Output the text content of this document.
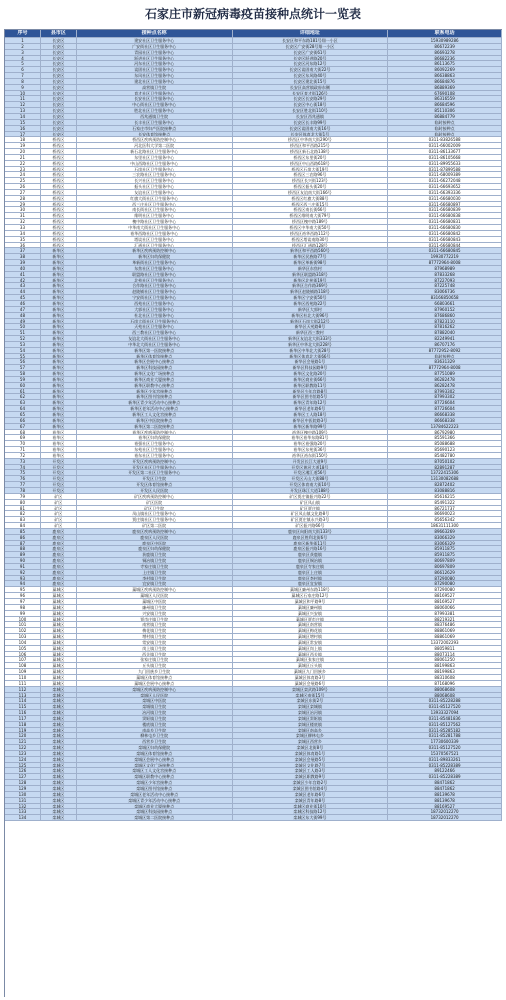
石家庄市新冠病毒疫苗接种点统计一览表
序号	县市区	接种点名称	详细地址	联系电话
1	长安区	建安社区卫生服务中心	长安区和平东路181号翔一小区	15930989286
2	长安区	广安街社区卫生服务中心	长安区广安街28号翔一小区	86672239
3	长安区	青园社区卫生服务中心	长安区广安街61号	86693278
4	长安区	跃进社区卫生服务中心	长安区跃进路20号	86682236
5	长安区	河东社区卫生服务中心	长安区河东路12号	86113675
6	长安区	谈固社区卫生服务中心	长安区谈固南大街22号	86092269
7	长安区	东风社区卫生服务中心	长安区东风路40号	86638863
8	长安区	建北社区卫生服务中心	长安区建北街15号	86684876
9	长安区	高营镇卫生院	长安区高营镇政府东侧	86889369
10	长安区	育才社区卫生服务中心	长安区育才街126号	67690108
11	长安区	长安社区卫生服务中心	长安区长安路29号	86316559
12	长安区	中心街社区卫生服务中心	长安区中心街18号	86684596
13	长安区	胜北社区卫生服务中心	长安区胜北街110号	85110306
14	长安区	西兆通镇卫生院	长安区西兆通镇	86884779
15	长安区	长丰社区卫生服务中心	长安区长丰路99号	临时接种点
16	长安区	石家庄市妇产医院接种点	长安区谈固南大街16号	临时接种点
17	长安区	长安体育馆接种点	长安区体育北大街1号	临时接种点
18	桥西区	桥西区疾病预防控制中心	桥西区中华南大街290号	0311-83826588
19	桥西区	河北医科大学第二医院	桥西区和平西路215号	0311-66002009
20	桥西区	新石北路社区卫生服务中心	桥西区新石北路138号	0311-86133677
21	桥西区	东里社区卫生服务中心	桥西区东里街20号	0311-86105668
22	桥西区	中山西路社区卫生服务中心	桥西区中山西路618号	0311-89955633
23	桥西区	石岗社区卫生服务中心	桥西区石岗大街19号	0311-87899588
24	桥西区	三农路社区卫生服务中心	桥西区三农路96号	0311-68009389
25	桥西区	长兴社区卫生服务中心	桥西区长兴街123号	0311-66272048
26	桥西区	振头社区卫生服务中心	桥西区振头街20号	0311-66693652
27	桥西区	友谊社区卫生服务中心	桥西区友谊南大街166号	0311-66393336
28	桥西区	红旗大街社区卫生服务中心	桥西区红旗大街88号	0311-66680030
29	桥西区	西三庄社区卫生服务中心	桥西区西三庄街15号	0311-66680897
30	桥西区	南长街社区卫生服务中心	桥西区南长街66号	0311-66680839
31	桥西区	维明社区卫生服务中心	桥西区维明南大街79号	0311-66680838
32	桥西区	槐中路社区卫生服务中心	桥西区槐中路189号	0311-66680831
33	桥西区	中华南大街社区卫生服务中心	桥西区中华南大街50号	0311-66680830
34	桥西区	裕华西路社区卫生服务中心	桥西区裕华西路112号	0311-66680842
35	桥西区	塔谈社区卫生服务中心	桥西区塔谈南路30号	0311-66680843
36	桥西区	汇通社区卫生服务中心	桥西区汇通路128号	0311-66680844
37	新华区	新华区疾病预防控制中心	新华区和平西路560号	0311-66680845
38	新华区	新华区妇幼保健院	新华区民族路77号	19930772219
39	新华区	革新街社区卫生服务中心	新华区革新街98号	87772964-8008
40	新华区	东焦社区卫生服务中心	新华区东焦村	87968989
41	新华区	联盟路社区卫生服务中心	新华区联盟路318号	87833268
42	新华区	北苑社区卫生服务中心	新华区北苑街19号	87227093
43	新华区	合作路社区卫生服务中心	新华区合作路369号	87225748
44	新华区	赵陵铺社区卫生服务中心	新华区赵陵铺路118号	83066736
45	新华区	宁安街社区卫生服务中心	新华区宁安街50号	83166850658
46	新华区	西苑社区卫生服务中心	新华区西苑路22号	66803661
47	新华区	大郭社区卫生服务中心	新华区大郭村	87960152
48	新华区	杜北社区卫生服务中心	新华区杜北大街96号	87686860
49	新华区	石岗大街社区卫生服务中心	新华区石岗大街212号	87823110
50	新华区	天苑社区卫生服务中心	新华区天苑路8号	87816262
51	新华区	西三教社区卫生服务中心	新华区西三教村	87882040
52	新华区	友谊北大街社区卫生服务中心	新华区友谊北大街333号	82249941
53	新华区	中华北大街社区卫生服务中心	新华区中华北大街228号	86707176
54	新华区	新华区第一医院接种点	新华区中华北大街28号	87772952-8092
55	新华区	新华区体育馆接种点	新华区体育北大街66号	临时接种点
56	新华区	新华区会展中心接种点	新华区会展路1号	83631329
57	新华区	新华区科技园接种点	新华区科技园路9号	87772964-8008
58	新华区	新华区文化广场接种点	新华区文化路20号	87751089
59	新华区	新华区商业大厦接种点	新华区商业街66号	86282478
60	新华区	新华区职教中心接种点	新华区职教路11号	86282478
61	新华区	新华区少年宫接种点	新华区少年宫路8号	87993302
62	新华区	新华区图书馆接种点	新华区图书馆路5号	87993302
63	新华区	新华区青少年活动中心接种点	新华区青年路12号	87726604
64	新华区	新华区老年活动中心接种点	新华区老年路6号	87726604
65	新华区	新华区工人文化宫接种点	新华区工人路18号	86668338
66	新华区	新华区中医院接种点	新华区中医院路3号	86668338
67	新华区	新华区第二医院接种点	新华区新华路99号	13784622223
68	裕华区	裕华区疾病预防控制中心	裕华区槐中路109号	86792980
69	裕华区	裕华区妇幼保健院	裕华区裕华东路81号	85591366
70	裕华区	裕强社区卫生服务中心	裕华区裕强路20号	85088688
71	裕华区	东苑社区卫生服务中心	裕华区东苑街36号	85690123
72	裕华区	裕东社区卫生服务中心	裕华区裕东街150号	85482780
73	开发区	开发区疾病预防控制中心	开发区长江大道9号	87050102
74	开发区	开发区社区卫生服务中心	开发区黄河大道18号	82891287
75	开发区	开发区第二社区卫生服务中心	开发区湘江道56号	13722415306
76	开发区	开发区卫生院	开发区天山大街88号	13130082688
77	开发区	开发区体育馆接种点	开发区体育南大街10号	82872402
78	开发区	开发区人民医院	开发区珠江大道188号	83088816
79	矿区	矿区疾病预防控制中心	矿区贾庄镇振兴路22号	85616215
80	矿区	矿区医院	矿区凤山镇	85491322
81	矿区	矿区卫生院	矿区贾庄镇	86721737
82	矿区	凤山镇社区卫生服务中心	矿区凤山镇文化路8号	86690023
83	矿区	贾庄镇社区卫生服务中心	矿区贾庄镇永兴路3号	85656342
84	矿区	矿区第二医院	矿区振兴路66号	18631111300
85	鹿泉区	鹿泉区疾病预防控制中心	鹿泉区向阳南大街133号	89663269
86	鹿泉区	鹿泉区人民医院	鹿泉区胜利北街6号	83066329
87	鹿泉区	鹿泉区中医院	鹿泉区新华街11号	83066329
88	鹿泉区	鹿泉区妇幼保健院	鹿泉区振兴路16号	85911875
89	鹿泉区	获鹿镇卫生院	鹿泉区获鹿镇	85911875
90	鹿泉区	铜冶镇卫生院	鹿泉区铜冶镇	80697809
91	鹿泉区	寺家庄镇卫生院	鹿泉区寺家庄镇	80697809
92	鹿泉区	上庄镇卫生院	鹿泉区上庄镇	86612629
93	鹿泉区	李村镇卫生院	鹿泉区李村镇	87290080
94	鹿泉区	宜安镇卫生院	鹿泉区宜安镇	87290080
95	藁城区	藁城区疾病预防控制中心	藁城区廉州东路118号	87290080
96	藁城区	藁城区人民医院	藁城区石家庄路12号	88169527
97	藁城区	藁城区中医院	藁城区和平路9号	88169527
98	藁城区	廉州镇卫生院	藁城区廉州镇	88060066
99	藁城区	兴安镇卫生院	藁城区兴安镇	87993381
100	藁城区	贾市庄镇卫生院	藁城区贾市庄镇	88219321
101	藁城区	南营镇卫生院	藁城区南营镇	88376486
102	藁城区	梅花镇卫生院	藁城区梅花镇	88861069
103	藁城区	增村镇卫生院	藁城区增村镇	88861069
104	藁城区	常安镇卫生院	藁城区常安镇	13372002293
105	藁城区	岗上镇卫生院	藁城区岗上镇	88059811
106	藁城区	西关镇卫生院	藁城区西关镇	88073114
107	藁城区	张家庄镇卫生院	藁城区张家庄镇	88061250
108	藁城区	丘头镇卫生院	藁城区丘头镇	88199863
109	藁城区	九门回族乡卫生院	藁城区九门回族乡	88199863
110	藁城区	藁城区体育馆接种点	藁城区体育路3号	88310608
111	藁城区	藁城区会展中心接种点	藁城区会展路6号	87168096
112	栾城区	栾城区疾病预防控制中心	栾城区栾武路109号	88068608
113	栾城区	栾城区人民医院	栾城区南街15号	88068608
114	栾城区	栾城区中医院	栾城区东街2号	0311-85228288
115	栾城区	栾城镇卫生院	栾城区栾城镇	0311-85127520
116	栾城区	冶河镇卫生院	栾城区冶河镇	13933327094
117	栾城区	窦妪镇卫生院	栾城区窦妪镇	0311-85481836
118	栾城区	楼底镇卫生院	栾城区楼底镇	0311-85127562
119	栾城区	南高乡卫生院	栾城区南高乡	0311-85285182
120	栾城区	柳林屯乡卫生院	栾城区柳林屯乡	0311-85281788
121	栾城区	西营乡卫生院	栾城区西营乡	17730600339
122	栾城区	栾城区妇幼保健院	栾城区北街8号	0311-85127520
123	栾城区	栾城区体育馆接种点	栾城区体育路1号	15370567521
124	栾城区	栾城区会展中心接种点	栾城区会展路5号	0311-89833261
125	栾城区	栾城区文化广场接种点	栾城区文化路7号	0311-85228389
126	栾城区	栾城区工人文化宫接种点	栾城区工人路3号	89122466
127	栾城区	栾城区职教中心接种点	栾城区职教路9号	0311-85228389
128	栾城区	栾城区少年宫接种点	栾城区少年宫路2号	88471862
129	栾城区	栾城区图书馆接种点	栾城区图书馆路4号	88471862
130	栾城区	栾城区老年活动中心接种点	栾城区老年路6号	88139678
131	栾城区	栾城区青少年活动中心接种点	栾城区青年路8号	88139678
132	栾城区	栾城区商业大厦接种点	栾城区商业街10号	88169527
133	栾城区	栾城区科技园接种点	栾城区科技路12号	18732012270
134	栾城区	栾城区第二医院接种点	栾城区东大街99号	18732012270
